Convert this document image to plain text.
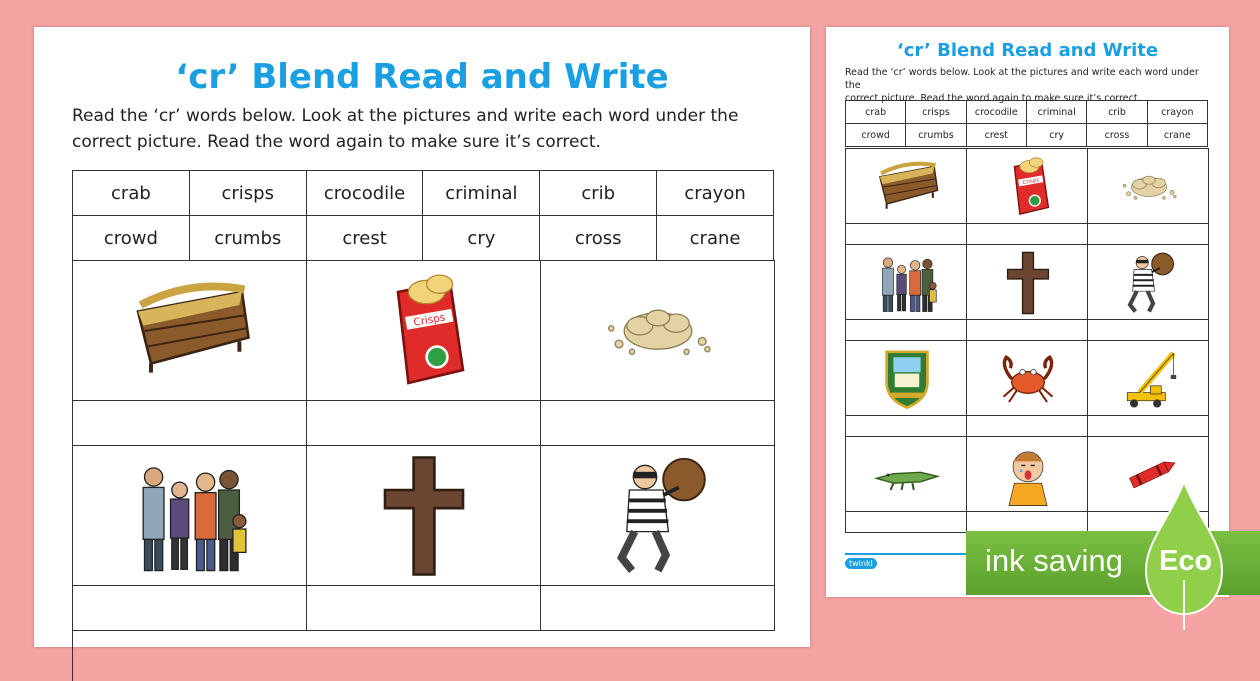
‘cr’ Blend Read and Write
Read the ‘cr’ words below. Look at the pictures and write each word under the
correct picture. Read the word again to make sure it’s correct.
crab	crisps	crocodile	criminal	crib	crayon
crowd	crumbs	crest	cry	cross	crane
Crisps
‘cr’ Blend Read and Write
Read the ‘cr’ words below. Look at the pictures and write each word under the
correct picture. Read the word again to make sure it’s correct.
crab	crisps	crocodile	criminal	crib	crayon
crowd	crumbs	crest	cry	cross	crane
Crisps
twinkl	ink saving Eco
